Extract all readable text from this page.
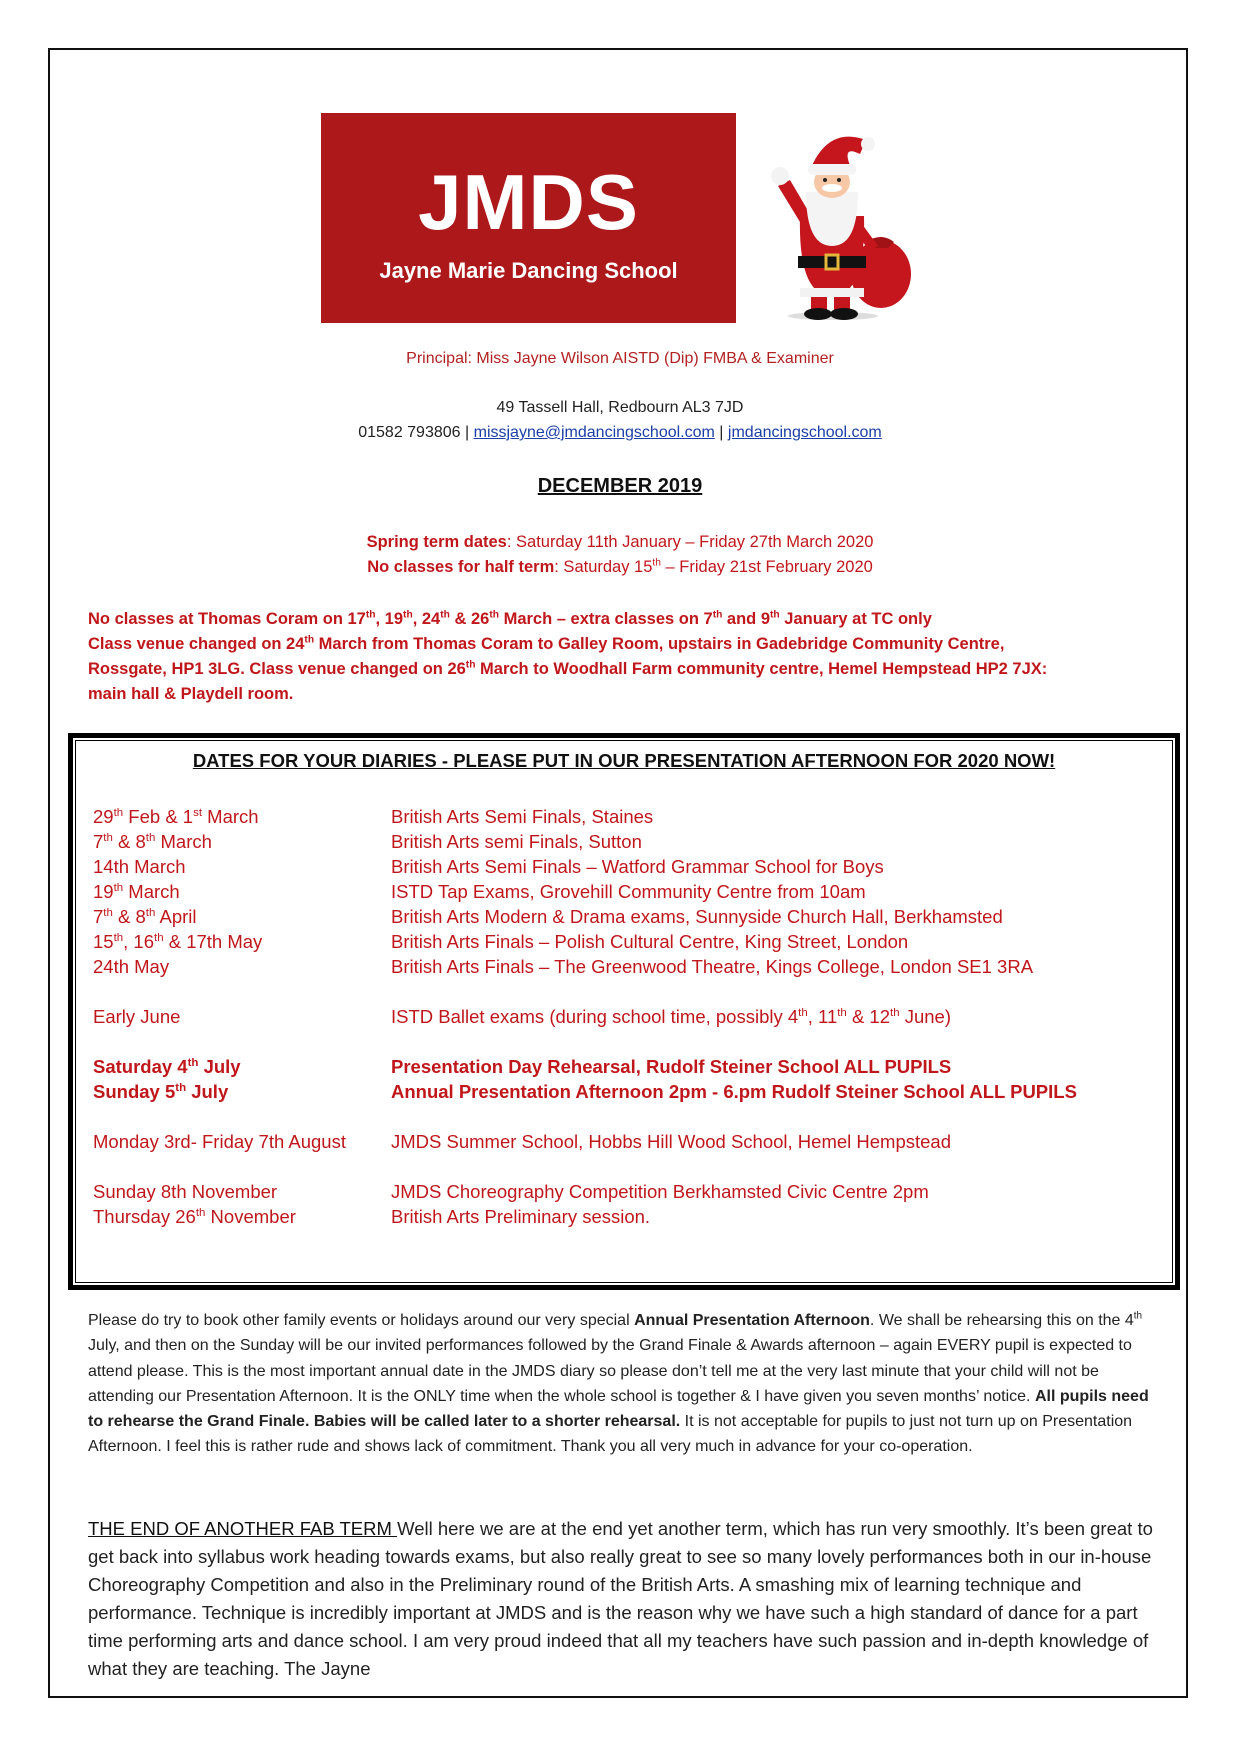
JMDS
Jayne Marie Dancing School
Principal: Miss Jayne Wilson AISTD (Dip) FMBA & Examiner
49 Tassell Hall, Redbourn AL3 7JD
01582 793806 | missjayne@jmdancingschool.com | jmdancingschool.com
DECEMBER 2019
Spring term dates: Saturday 11th January – Friday 27th March 2020
No classes for half term: Saturday 15th – Friday 21st February 2020
No classes at Thomas Coram on 17th, 19th, 24th & 26th March – extra classes on 7th and 9th January at TC only
Class venue changed on 24th March from Thomas Coram to Galley Room, upstairs in Gadebridge Community Centre,
Rossgate, HP1 3LG. Class venue changed on 26th March to Woodhall Farm community centre, Hemel Hempstead HP2 7JX:
main hall & Playdell room.
DATES FOR YOUR DIARIES - PLEASE PUT IN OUR PRESENTATION AFTERNOON FOR 2020 NOW!
29th Feb & 1st March	British Arts Semi Finals, Staines
7th & 8th March	British Arts semi Finals, Sutton
14th March	British Arts Semi Finals – Watford Grammar School for Boys
19th March	ISTD Tap Exams, Grovehill Community Centre from 10am
7th & 8th April	British Arts Modern & Drama exams, Sunnyside Church Hall, Berkhamsted
15th, 16th & 17th May	British Arts Finals – Polish Cultural Centre, King Street, London
24th May	British Arts Finals – The Greenwood Theatre, Kings College, London SE1 3RA
Early June	ISTD Ballet exams (during school time, possibly 4th, 11th & 12th June)
Saturday 4th July	Presentation Day Rehearsal, Rudolf Steiner School ALL PUPILS
Sunday 5th July	Annual Presentation Afternoon 2pm - 6.pm Rudolf Steiner School ALL PUPILS
Monday 3rd- Friday 7th August	JMDS Summer School, Hobbs Hill Wood School, Hemel Hempstead
Sunday 8th November	JMDS Choreography Competition Berkhamsted Civic Centre 2pm
Thursday 26th November	British Arts Preliminary session.
Please do try to book other family events or holidays around our very special Annual Presentation Afternoon. We shall be rehearsing this on the 4th July, and then on the Sunday will be our invited performances followed by the Grand Finale & Awards afternoon – again EVERY pupil is expected to attend please. This is the most important annual date in the JMDS diary so please don’t tell me at the very last minute that your child will not be attending our Presentation Afternoon. It is the ONLY time when the whole school is together & I have given you seven months’ notice. All pupils need to rehearse the Grand Finale. Babies will be called later to a shorter rehearsal. It is not acceptable for pupils to just not turn up on Presentation Afternoon. I feel this is rather rude and shows lack of commitment. Thank you all very much in advance for your co-operation.
THE END OF ANOTHER FAB TERM Well here we are at the end yet another term, which has run very smoothly. It’s been great to get back into syllabus work heading towards exams, but also really great to see so many lovely performances both in our in-house Choreography Competition and also in the Preliminary round of the British Arts. A smashing mix of learning technique and performance. Technique is incredibly important at JMDS and is the reason why we have such a high standard of dance for a part time performing arts and dance school. I am very proud indeed that all my teachers have such passion and in-depth knowledge of what they are teaching. The Jayne
